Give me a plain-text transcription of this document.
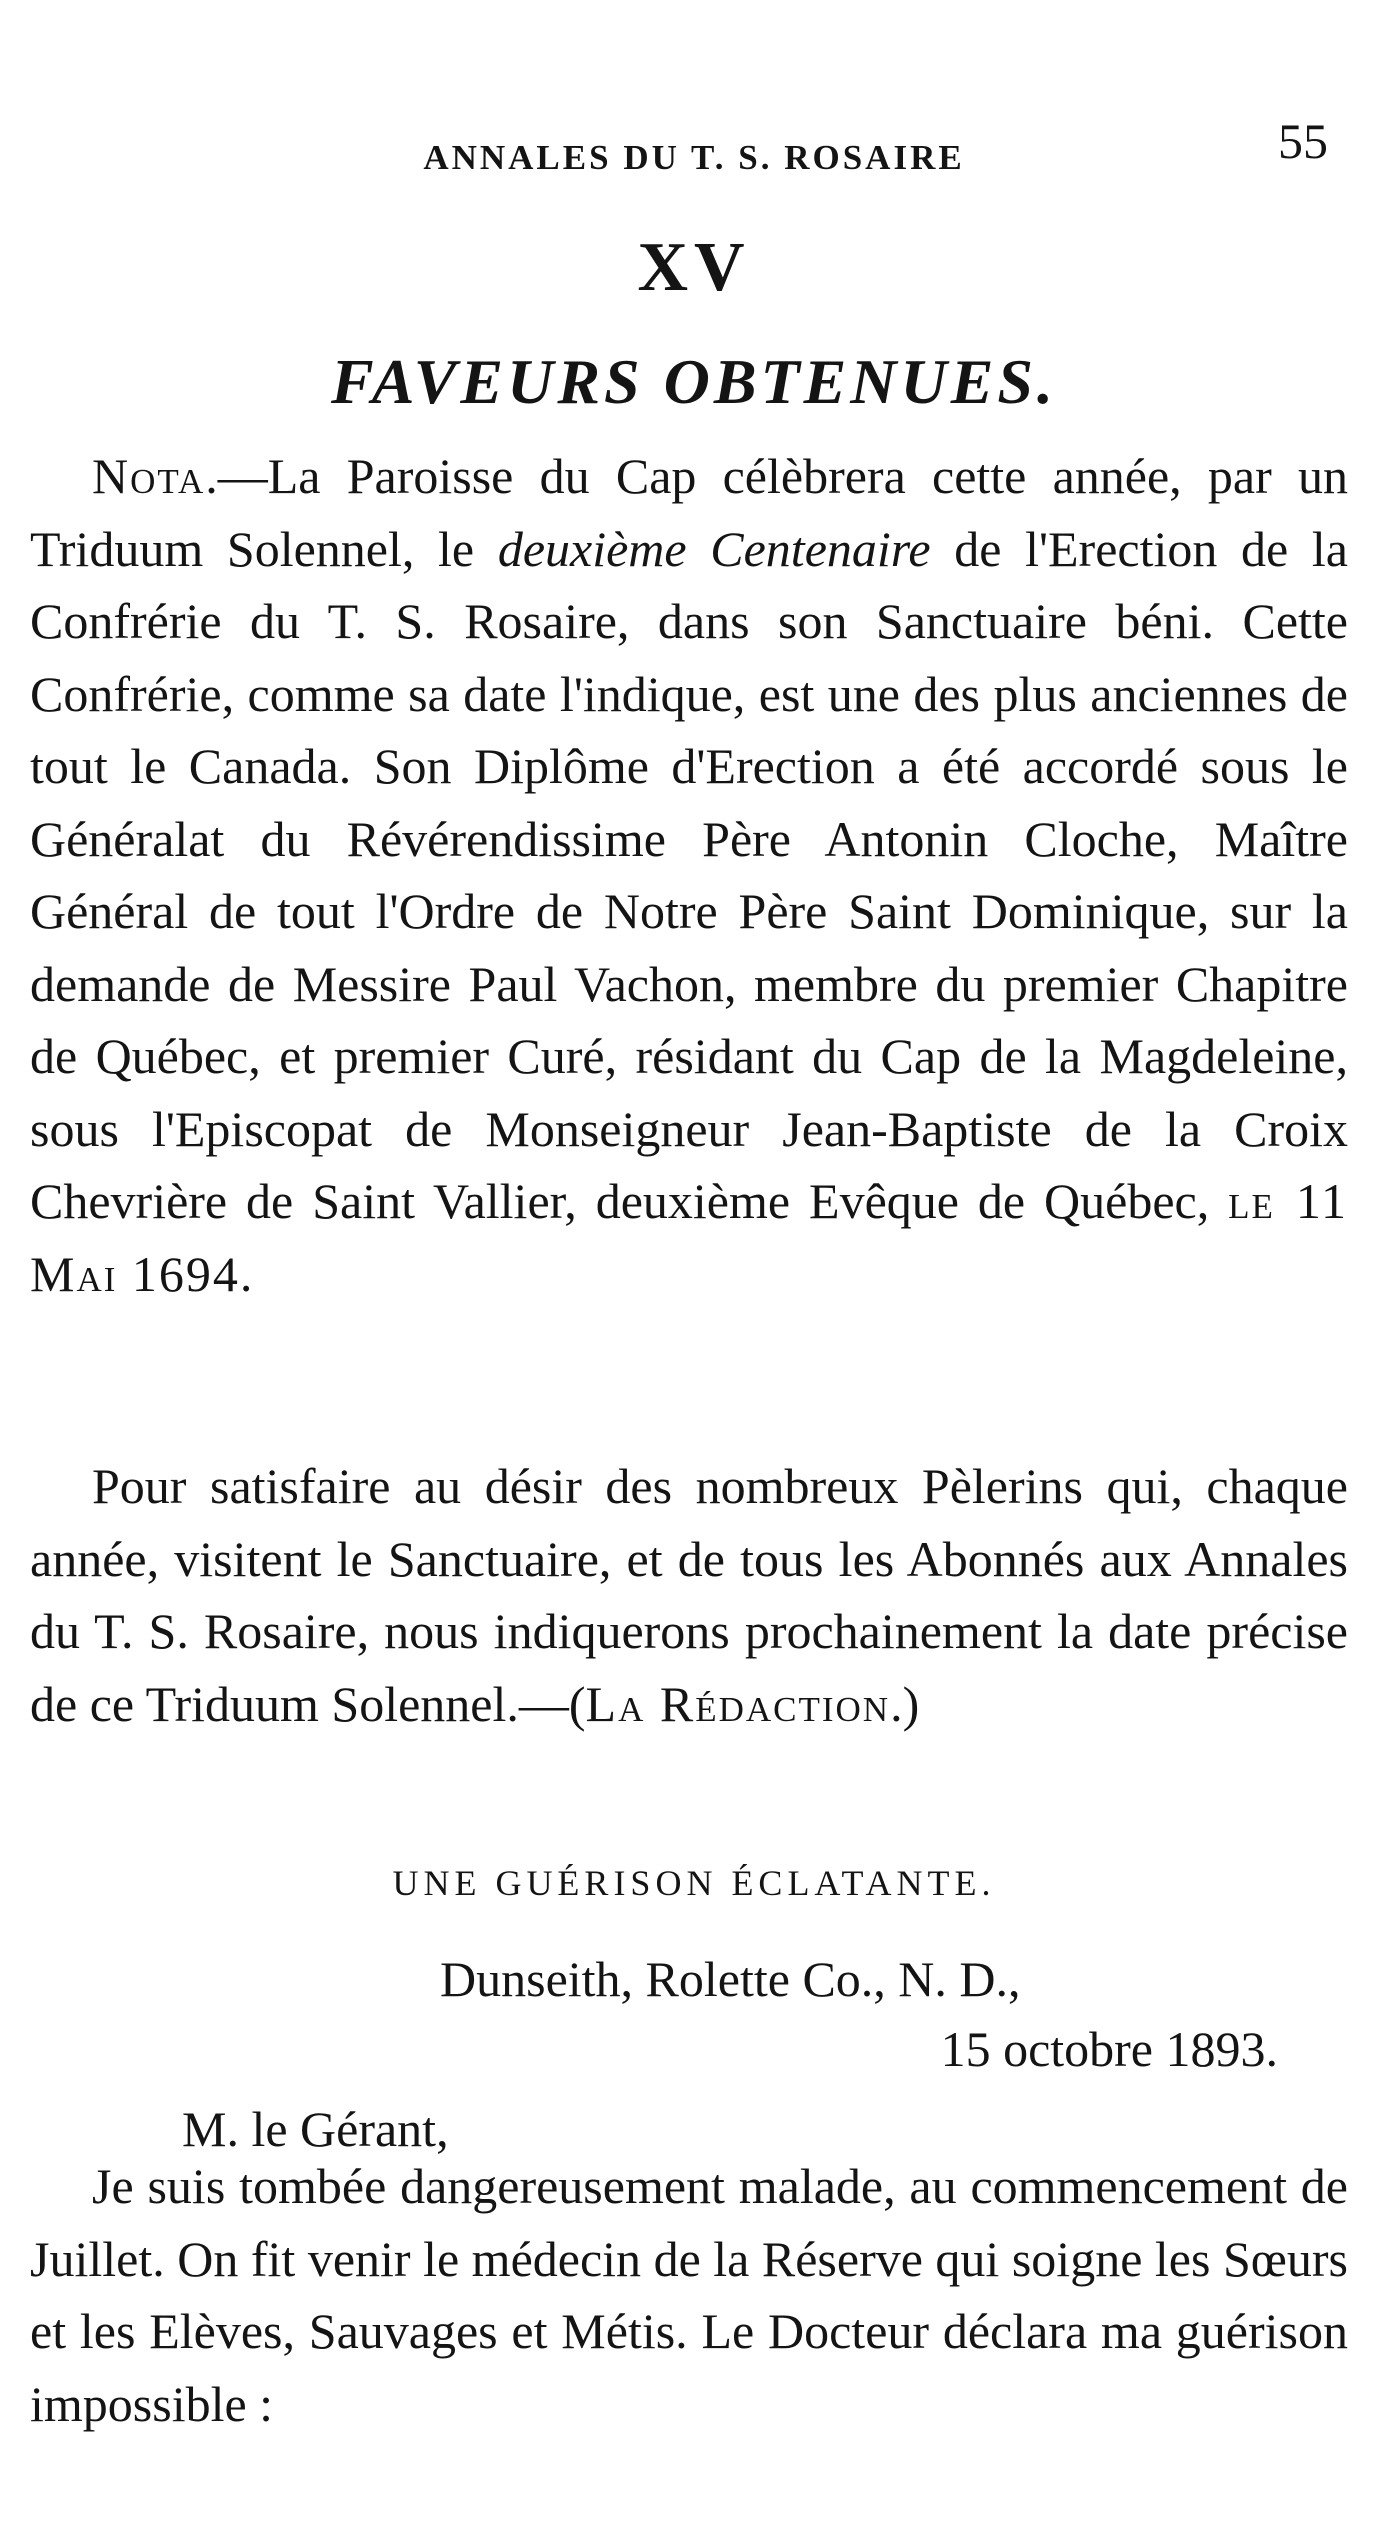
ANNALES DU T. S. ROSAIRE	55
XV
FAVEURS OBTENUES.

Nota.—La Paroisse du Cap célèbrera cette année, par un Triduum Solennel, le deuxième Centenaire de l'Erection de la Confrérie du T. S. Rosaire, dans son Sanctuaire béni. Cette Confrérie, comme sa date l'indique, est une des plus anciennes de tout le Canada. Son Diplôme d'Erection a été accordé sous le Généralat du Révérendissime Père Antonin Cloche, Maître Général de tout l'Ordre de Notre Père Saint Dominique, sur la demande de Messire Paul Vachon, membre du premier Chapitre de Québec, et premier Curé, résidant du Cap de la Magdeleine, sous l'Episcopat de Monseigneur Jean-Baptiste de la Croix Chevrière de Saint Vallier, deuxième Evêque de Québec, le 11 Mai 1694.

Pour satisfaire au désir des nombreux Pèlerins qui, chaque année, visitent le Sanctuaire, et de tous les Abonnés aux Annales du T. S. Rosaire, nous indiquerons prochainement la date précise de ce Triduum Solennel.—(La Rédaction.)

UNE GUÉRISON ÉCLATANTE.
Dunseith, Rolette Co., N. D.,
15 octobre 1893.
M. le Gérant,

Je suis tombée dangereusement malade, au commencement de Juillet. On fit venir le médecin de la Réserve qui soigne les Sœurs et les Elèves, Sauvages et Métis. Le Docteur déclara ma guérison impossible :
